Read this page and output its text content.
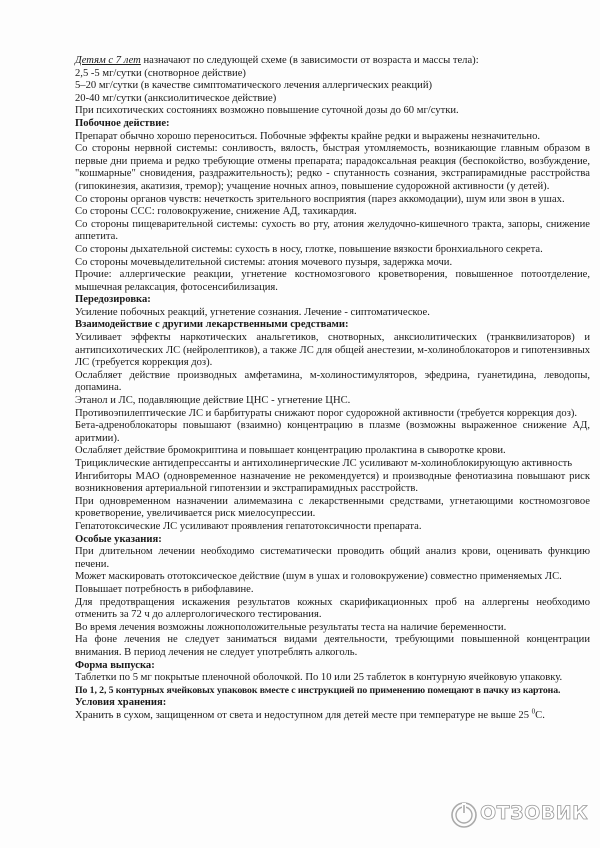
Детям с 7 лет назначают по следующей схеме (в зависимости от возраста и массы тела):

2,5 -5 мг/сутки (снотворное действие)

5–20 мг/сутки (в качестве симптоматического лечения аллергических реакций)

20-40 мг/сутки (анксиолитическое действие)

При психотических состояниях возможно повышение суточной дозы до 60 мг/сутки.

Побочное действие:

Препарат обычно хорошо переноситься. Побочные эффекты крайне редки и выражены незначительно.

Со стороны нервной системы: сонливость, вялость, быстрая утомляемость, возникающие главным образом в первые дни приема и редко требующие отмены препарата; парадоксальная реакция (беспокойство, возбуждение, "кошмарные" сновидения, раздражительность); редко - спутанность сознания, экстрапирамидные расстройства (гипокинезия, акатизия, тремор); учащение ночных апноэ, повышение судорожной активности (у детей).

Со стороны органов чувств: нечеткость зрительного восприятия (парез аккомодации), шум или звон в ушах.

Со стороны ССС: головокружение, снижение АД, тахикардия.

Со стороны пищеварительной системы: сухость во рту, атония желудочно-кишечного тракта, запоры, снижение аппетита.

Со стороны дыхательной системы: сухость в носу, глотке, повышение вязкости бронхиального секрета.

Со стороны мочевыделительной системы: атония мочевого пузыря, задержка мочи.

Прочие: аллергические реакции, угнетение костномозгового кроветворения, повышенное потоотделение, мышечная релаксация, фотосенсибилизация.

Передозировка:

Усиление побочных реакций, угнетение сознания. Лечение - сиптоматическое.

Взаимодействие с другими лекарственными средствами:

Усиливает эффекты наркотических анальгетиков, снотворных, анксиолитических (транквилизаторов) и антипсихотических ЛС (нейролептиков), а также ЛС для общей анестезии, м-холиноблокаторов и гипотензивных ЛС (требуется коррекция доз).

Ослабляет действие производных амфетамина, м-холиностимуляторов, эфедрина, гуанетидина, леводопы, допамина.

Этанол и ЛС, подавляющие действие ЦНС - угнетение ЦНС.

Противоэпилептические ЛС и барбитураты снижают порог судорожной активности (требуется коррекция доз).

Бета-адреноблокаторы повышают (взаимно) концентрацию в плазме (возможны выраженное снижение АД, аритмии).

Ослабляет действие бромокриптина и повышает концентрацию пролактина в сыворотке крови.

Трициклические антидепрессанты и антихолинергические ЛС усиливают м-холиноблокирующую активность

Ингибиторы МАО (одновременное назначение не рекомендуется) и производные фенотиазина повышают риск возникновения артериальной гипотензии и экстрапирамидных расстройств.

При одновременном назначении алимемазина с лекарственными средствами, угнетающими костномозговое кроветворение, увеличивается риск миелосупрессии.

Гепатотоксические ЛС усиливают проявления гепатотоксичности препарата.

Особые указания:

При длительном лечении необходимо систематически проводить общий анализ крови, оценивать функцию печени.

Может маскировать ототоксическое действие (шум в ушах и головокружение) совместно применяемых ЛС.

Повышает потребность в рибофлавине.

Для предотвращения искажения результатов кожных скарификационных проб на аллергены необходимо отменить за 72 ч до аллергологического тестирования.

Во время лечения возможны ложноположительные результаты теста на наличие беременности.

На фоне лечения не следует заниматься видами деятельности, требующими повышенной концентрации внимания. В период лечения не следует употреблять алкоголь.

Форма выпуска:

Таблетки по 5 мг покрытые пленочной оболочкой. По 10 или 25 таблеток в контурную ячейковую упаковку.

По 1, 2, 5 контурных ячейковых упаковок вместе с инструкцией по применению помещают в пачку из картона.

Условия хранения:

Хранить в сухом, защищенном от света и недоступном для детей месте при температуре не выше 25 $^0$С.

ОТЗОВИК
